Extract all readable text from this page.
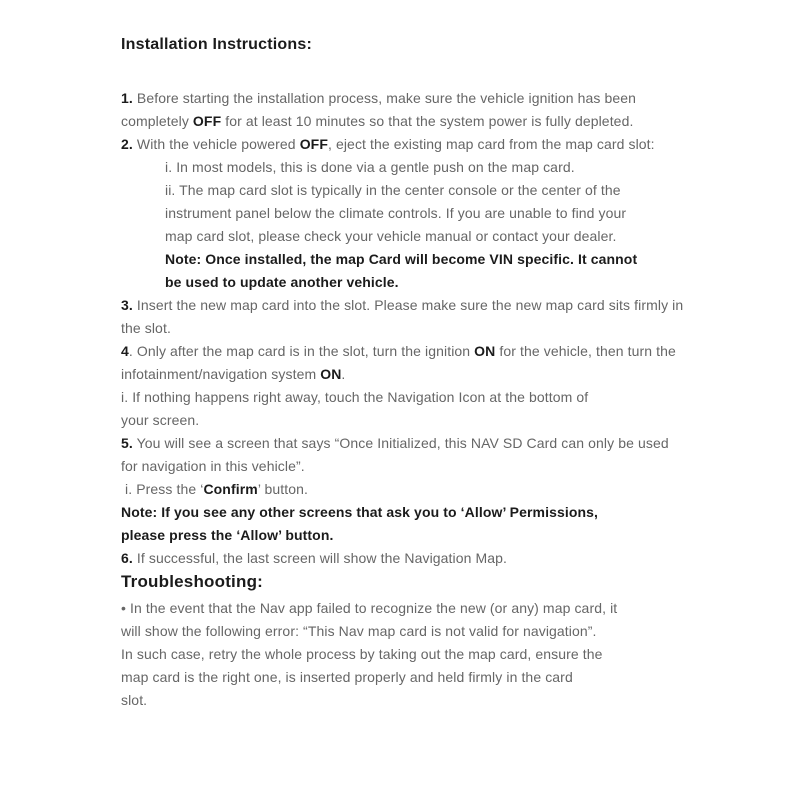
Installation Instructions:
1. Before starting the installation process, make sure the vehicle ignition has been
completely OFF for at least 10 minutes so that the system power is fully depleted.
2. With the vehicle powered OFF, eject the existing map card from the map card slot:
i. In most models, this is done via a gentle push on the map card.
ii. The map card slot is typically in the center console or the center of the
instrument panel below the climate controls. If you are unable to find your
map card slot, please check your vehicle manual or contact your dealer.
Note: Once installed, the map Card will become VIN specific. It cannot
be used to update another vehicle.
3. Insert the new map card into the slot. Please make sure the new map card sits firmly in
the slot.
4. Only after the map card is in the slot, turn the ignition ON for the vehicle, then turn the
infotainment/navigation system ON.
i. If nothing happens right away, touch the Navigation Icon at the bottom of
your screen.
5. You will see a screen that says “Once Initialized, this NAV SD Card can only be used
for navigation in this vehicle”.
i. Press the ‘Confirm’ button.
Note: If you see any other screens that ask you to ‘Allow’ Permissions,
please press the ‘Allow’ button.
6. If successful, the last screen will show the Navigation Map.
Troubleshooting:
• In the event that the Nav app failed to recognize the new (or any) map card, it
will show the following error: “This Nav map card is not valid for navigation”.
In such case, retry the whole process by taking out the map card, ensure the
map card is the right one, is inserted properly and held firmly in the card
slot.
